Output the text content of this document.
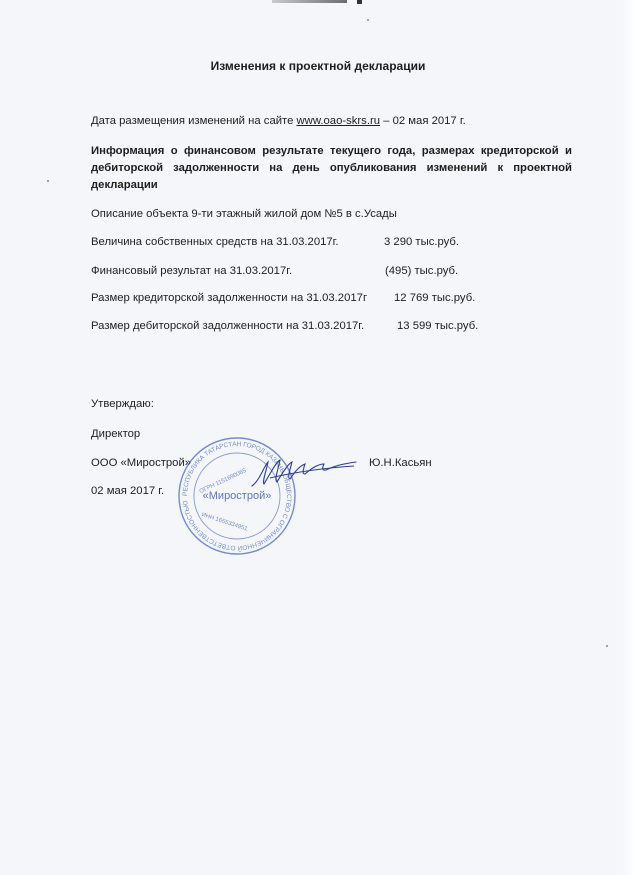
Изменения к проектной декларации
Дата размещения изменений на сайте www.oao-skrs.ru – 02 мая 2017 г.
Информация о финансовом результате текущего года, размерах кредиторской и дебиторской задолженности на день опубликования изменений к проектной декларации
Описание объекта 9-ти этажный жилой дом №5 в с.Усады
Величина собственных средств на 31.03.2017г.	3 290 тыс.руб.
Финансовый результат на 31.03.2017г.	(495) тыс.руб.
Размер кредиторской задолженности на 31.03.2017г 12 769 тыс.руб.
Размер дебиторской задолженности на 31.03.2017г.	13 599 тыс.руб.
Утверждаю:
Директор
ООО «Мирострой»	Ю.Н.Касьян
02 мая 2017 г.	РЕСПУБЛИКА ТАТАРСТАН ГОРОД КАЗАНЬ ОБЩЕСТВО С ОГРАНИЧЕННОЙ ОТВЕТСТВЕННОСТЬЮ
ОГРН 1151690065
«Мирострой»
ИНН 1655334951
